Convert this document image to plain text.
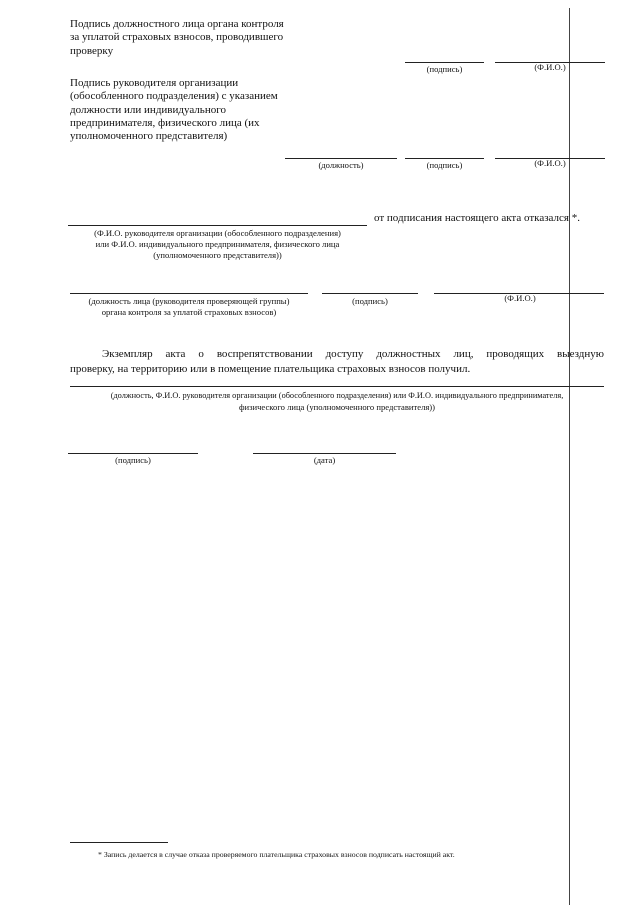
Подпись должностного лица органа контроля за уплатой страховых взносов, проводившего проверку
(подпись)	(Ф.И.О.)
Подпись руководителя организации (обособленного подразделения) с указанием должности или индивидуального предпринимателя, физического лица (их уполномоченного представителя)
(должность)	(подпись)	(Ф.И.О.)
от подписания настоящего акта отказался *.
(Ф.И.О. руководителя организации (обособленного подразделения)
или Ф.И.О. индивидуального предпринимателя, физического лица
(уполномоченного представителя))
(должность лица (руководителя проверяющей группы)
органа контроля за уплатой страховых взносов)
(подпись)	(Ф.И.О.)
Экземпляр акта о воспрепятствовании доступу должностных лиц, проводящих выездную
проверку, на территорию или в помещение плательщика страховых взносов получил.
(должность, Ф.И.О. руководителя организации (обособленного подразделения) или Ф.И.О. индивидуального предпринимателя,
физического лица (уполномоченного представителя))
(подпись)	(дата)
* Запись делается в случае отказа проверяемого плательщика страховых взносов подписать настоящий акт.
